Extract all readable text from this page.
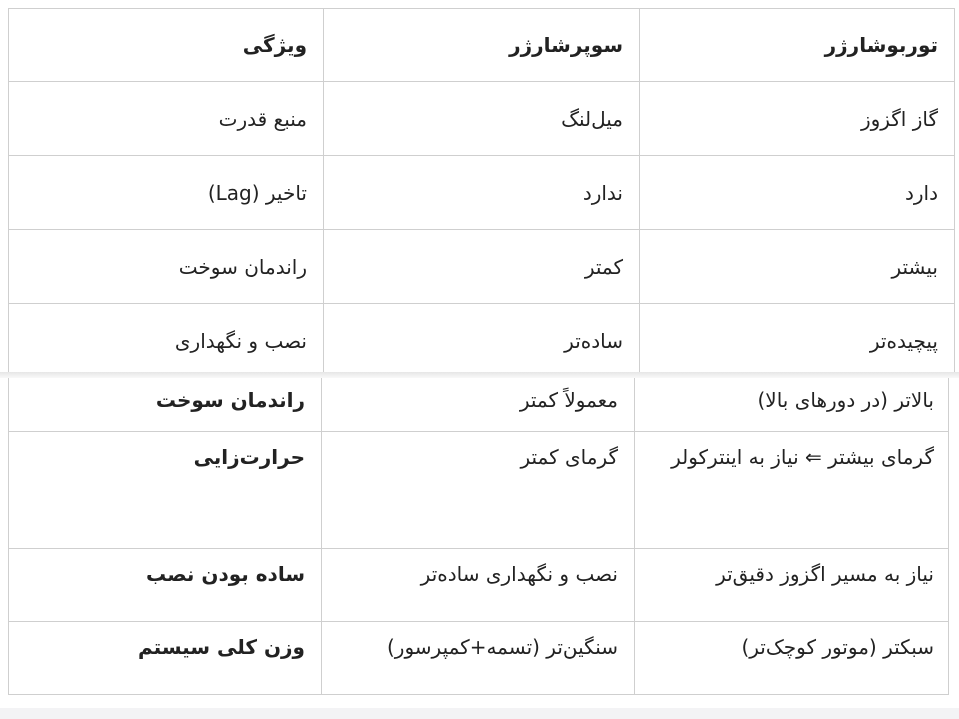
ویژگی	سوپرشارژر	توربوشارژر
منبع قدرت	میل‌لنگ	گاز اگزوز
تاخیر (Lag)	ندارد	دارد
راندمان سوخت	کمتر	بیشتر
نصب و نگهداری	ساده‌تر	پیچیده‌تر
راندمان سوخت	معمولاً کمتر	بالاتر (در دورهای بالا)
حرارت‌زایی	گرمای کمتر	گرمای بیشتر ⇐ نیاز به اینترکولر
ساده بودن نصب	نصب و نگهداری ساده‌تر	نیاز به مسیر اگزوز دقیق‌تر
وزن کلی سیستم	سنگین‌تر (تسمه+کمپرسور)	سبکتر (موتور کوچک‌تر)
